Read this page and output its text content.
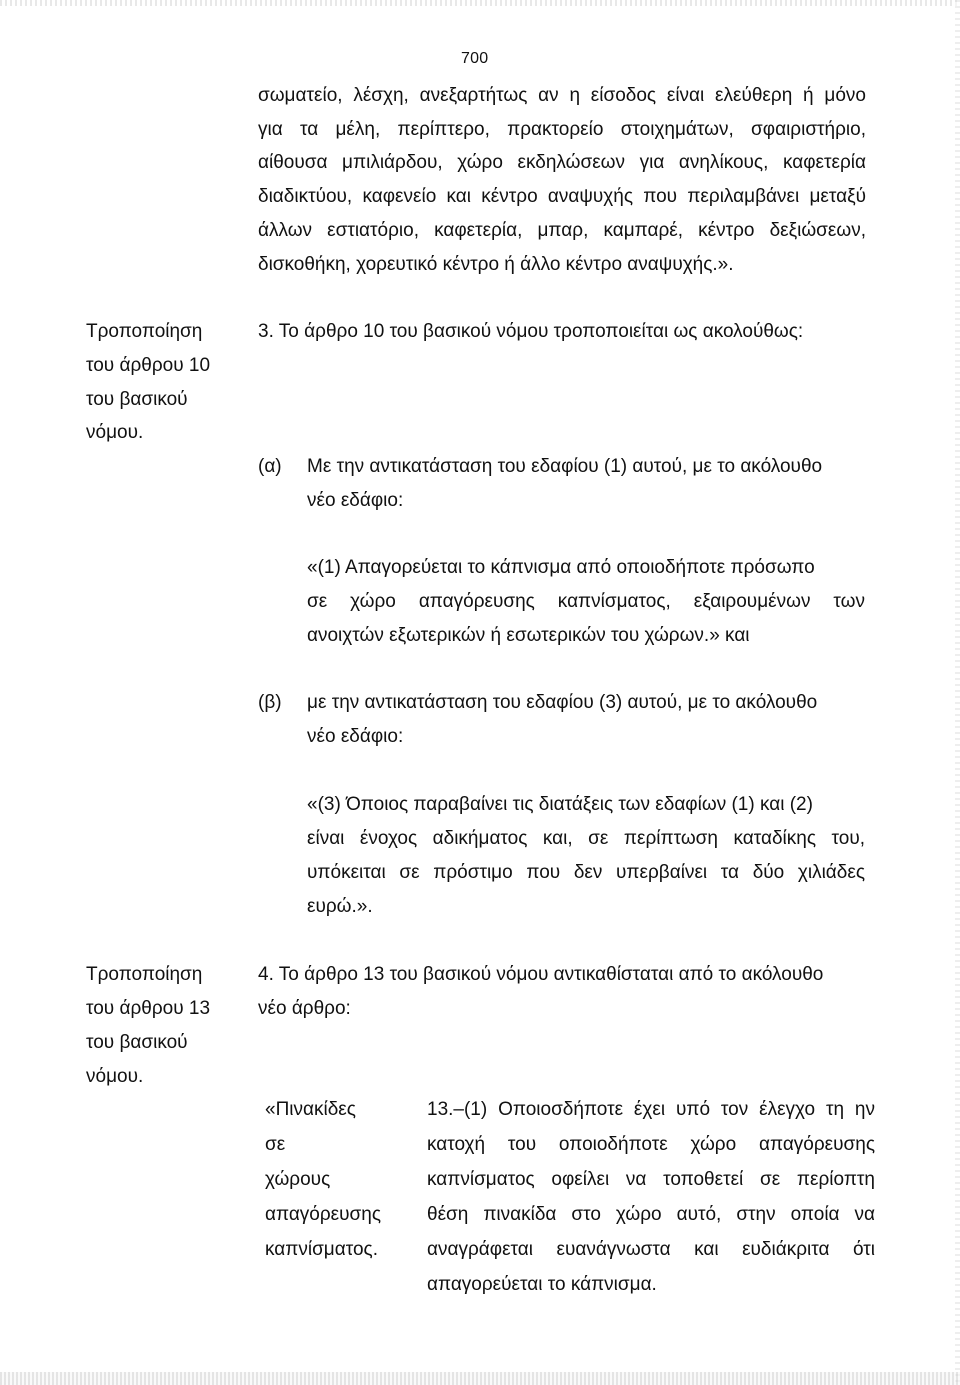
700
σωματείο, λέσχη, ανεξαρτήτως αν η είσοδος είναι ελεύθερη ή μόνο
για τα μέλη, περίπτερο, πρακτορείο στοιχημάτων, σφαιριστήριο,
αίθουσα μπιλιάρδου, χώρο εκδηλώσεων για ανηλίκους, καφετερία
διαδικτύου, καφενείο και κέντρο αναψυχής που περιλαμβάνει μεταξύ
άλλων εστιατόριο, καφετερία, μπαρ, καμπαρέ, κέντρο δεξιώσεων,
δισκοθήκη, χορευτικό κέντρο ή άλλο κέντρο αναψυχής.».
Τροποποίηση
του άρθρου 10
του βασικού
νόμου.
3. Το άρθρο 10 του βασικού νόμου τροποποιείται ως ακολούθως:
(α) Με την αντικατάσταση του εδαφίου (1) αυτού, με το ακόλουθο
νέο εδάφιο:
«(1) Απαγορεύεται το κάπνισμα από οποιοδήποτε πρόσωπο
σε χώρο απαγόρευσης καπνίσματος, εξαιρουμένων των
ανοιχτών εξωτερικών ή εσωτερικών του χώρων.» και
(β) με την αντικατάσταση του εδαφίου (3) αυτού, με το ακόλουθο
νέο εδάφιο:
«(3) Όποιος παραβαίνει τις διατάξεις των εδαφίων (1) και (2)
είναι ένοχος αδικήματος και, σε περίπτωση καταδίκης του,
υπόκειται σε πρόστιμο που δεν υπερβαίνει τα δύο χιλιάδες
ευρώ.».
Τροποποίηση
του άρθρου 13
του βασικού
νόμου.
4. Το άρθρο 13 του βασικού νόμου αντικαθίσταται από το ακόλουθο
νέο άρθρο:
«Πινακίδες
σε
χώρους
απαγόρευσης
καπνίσματος.
13.–(1) Οποιοσδήποτε έχει υπό τον έλεγχο τη ην
κατοχή του οποιοδήποτε χώρο απαγόρευσης
καπνίσματος οφείλει να τοποθετεί σε περίοπτη
θέση πινακίδα στο χώρο αυτό, στην οποία να
αναγράφεται ευανάγνωστα και ευδιάκριτα ότι
απαγορεύεται το κάπνισμα.
